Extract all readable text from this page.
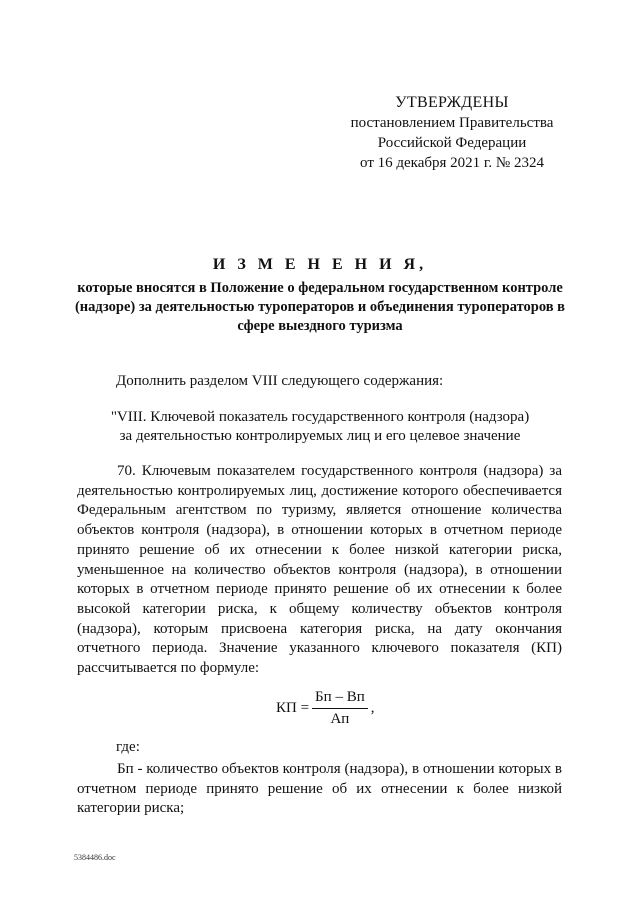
УТВЕРЖДЕНЫ
постановлением Правительства
Российской Федерации
от 16 декабря 2021 г. № 2324
И З М Е Н Е Н И Я,
которые вносятся в Положение о федеральном государственном контроле (надзоре) за деятельностью туроператоров и объединения туроператоров в сфере выездного туризма
Дополнить разделом VIII следующего содержания:
"VIII. Ключевой показатель государственного контроля (надзора)
за деятельностью контролируемых лиц и его целевое значение
70. Ключевым показателем государственного контроля (надзора) за деятельностью контролируемых лиц, достижение которого обеспечивается Федеральным агентством по туризму, является отношение количества объектов контроля (надзора), в отношении которых в отчетном периоде принято решение об их отнесении к более низкой категории риска, уменьшенное на количество объектов контроля (надзора), в отношении которых в отчетном периоде принято решение об их отнесении к более высокой категории риска, к общему количеству объектов контроля (надзора), которым присвоена категория риска, на дату окончания отчетного периода. Значение указанного ключевого показателя (КП) рассчитывается по формуле:
КП = $\frac{Бп - Вп}{Ап}$ ,
где:
Бп - количество объектов контроля (надзора), в отношении которых в отчетном периоде принято решение об их отнесении к более низкой категории риска;
5384486.doc
